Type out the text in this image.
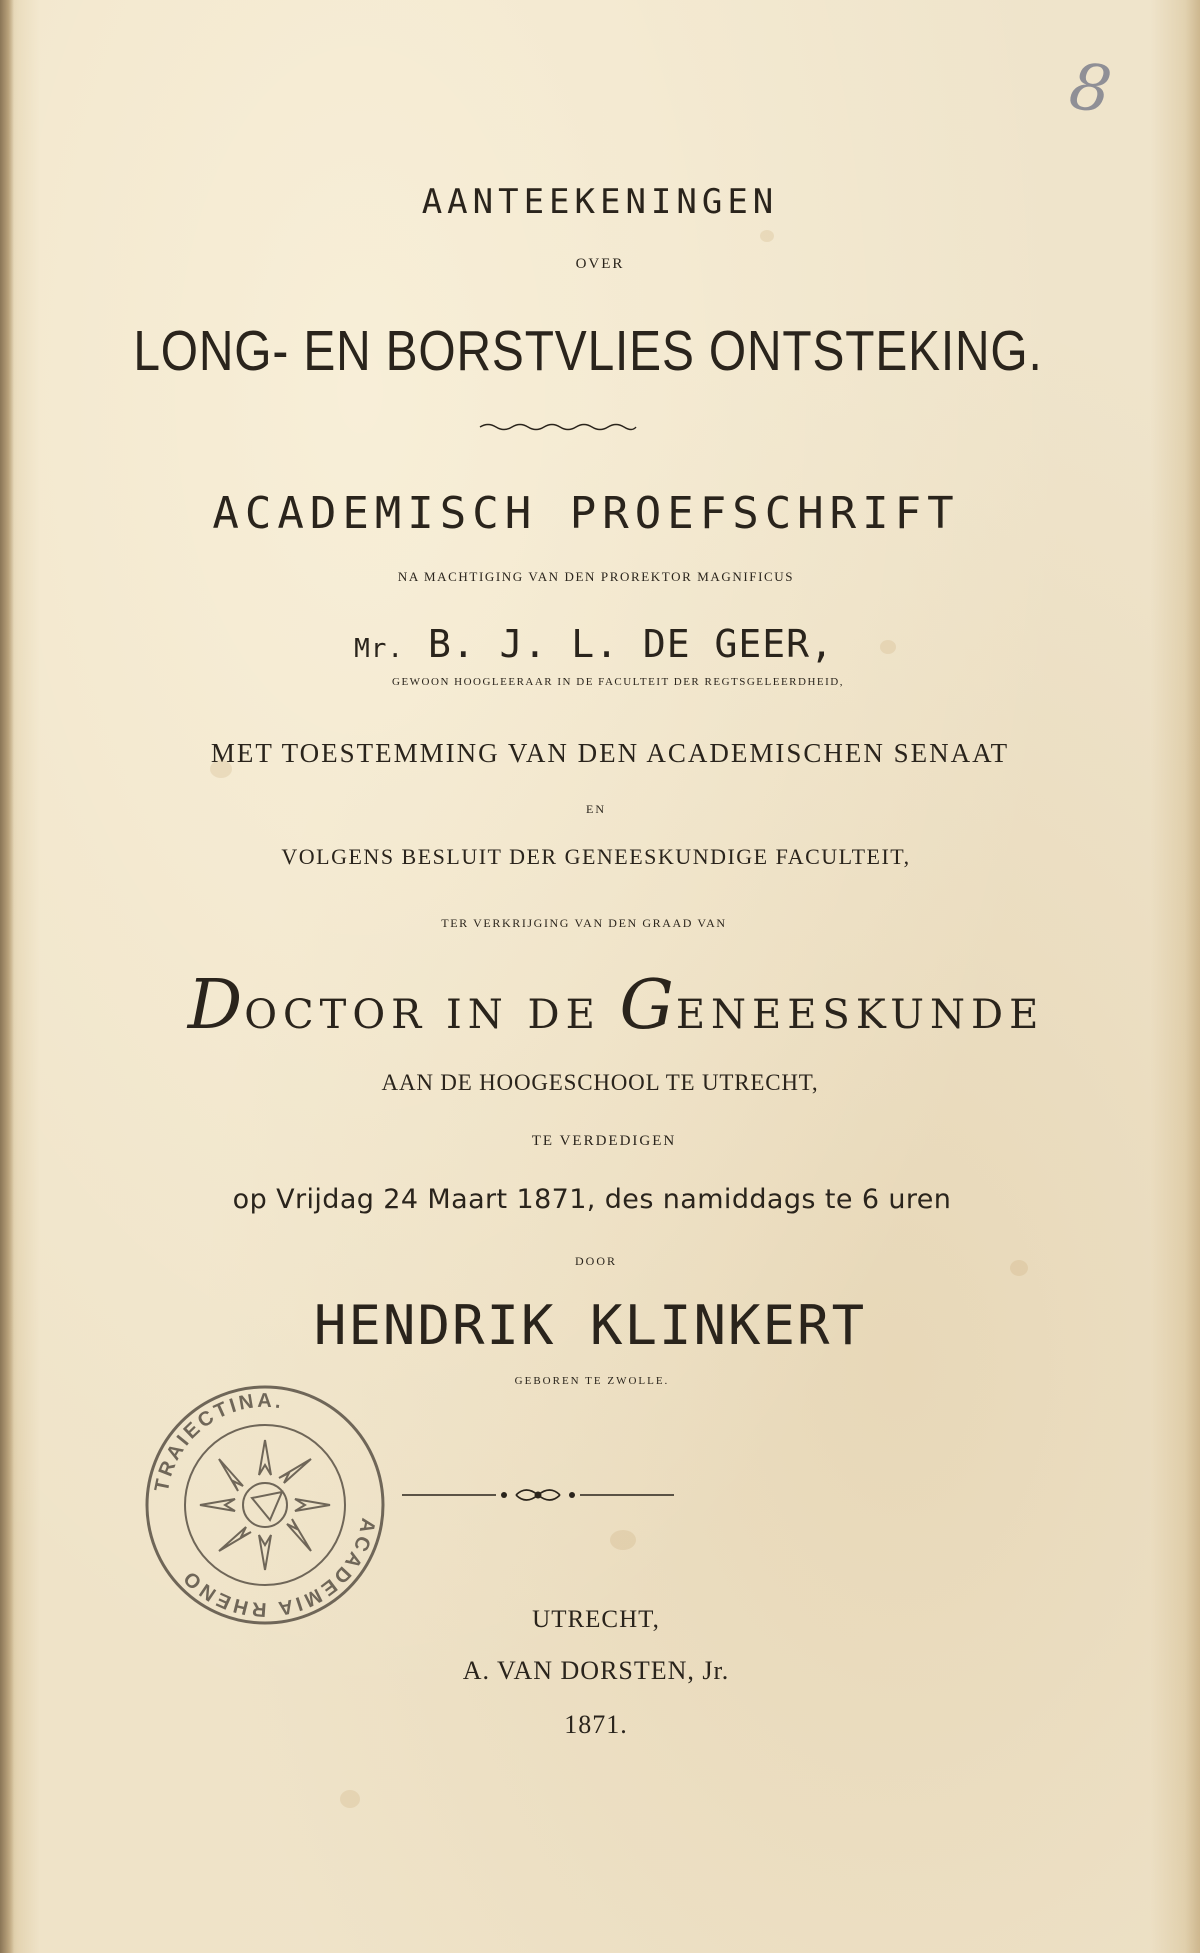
8
AANTEEKENINGEN
OVER
LONG- EN BORSTVLIES ONTSTEKING.
ACADEMISCH PROEFSCHRIFT
NA MACHTIGING VAN DEN PROREKTOR MAGNIFICUS
Mr. B. J. L. DE GEER,
GEWOON HOOGLEERAAR IN DE FACULTEIT DER REGTSGELEERDHEID,
MET TOESTEMMING VAN DEN ACADEMISCHEN SENAAT
EN
VOLGENS BESLUIT DER GENEESKUNDIGE FACULTEIT,
TER VERKRIJGING VAN DEN GRAAD VAN
DOCTOR IN DE GENEESKUNDE
AAN DE HOOGESCHOOL TE UTRECHT,
TE VERDEDIGEN
op Vrijdag 24 Maart 1871, des namiddags te 6 uren
DOOR
HENDRIK KLINKERT
GEBOREN TE ZWOLLE.
TRAIECTINA.
ACADEMIA RHENO
UTRECHT,
A. VAN DORSTEN, Jr.
1871.
